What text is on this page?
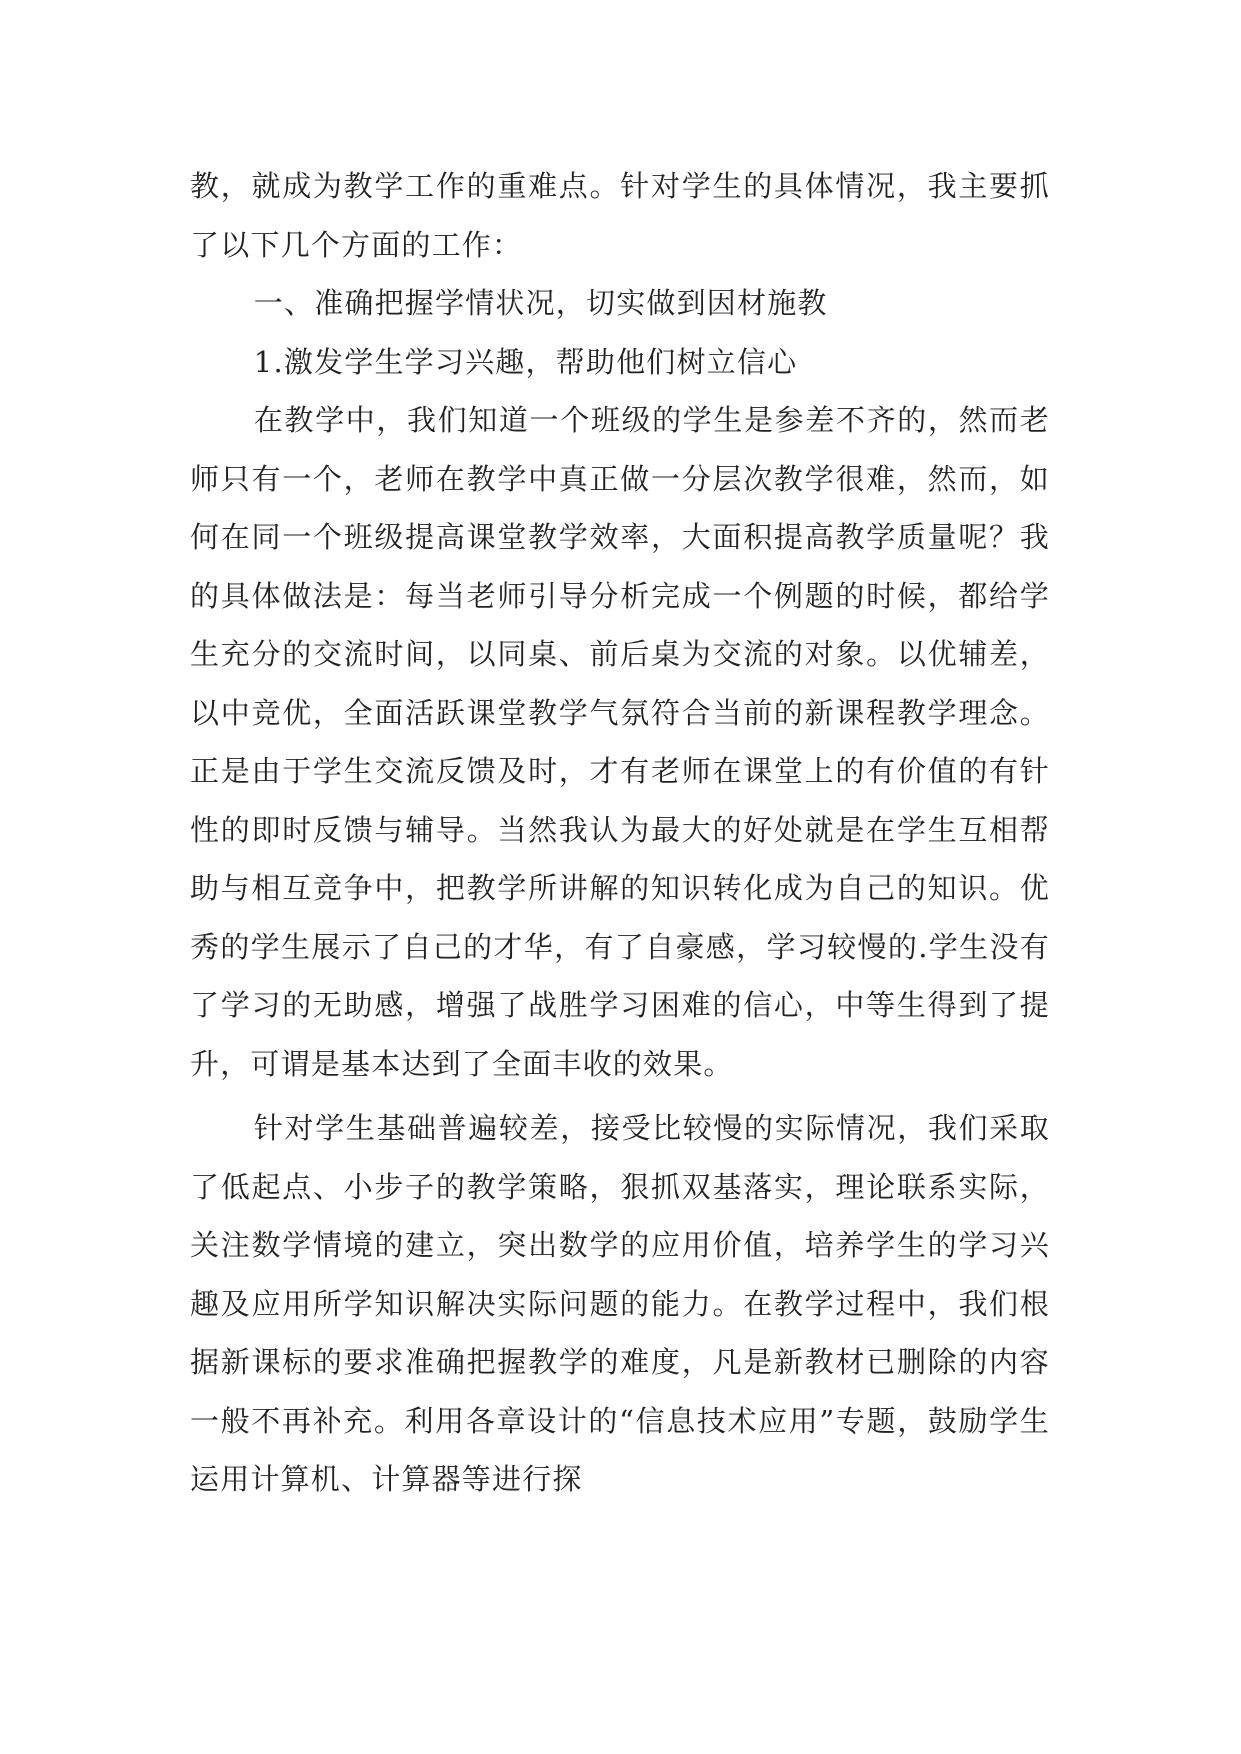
教，就成为教学工作的重难点。针对学生的具体情况，我主要抓了以下几个方面的工作：

一、准确把握学情状况，切实做到因材施教

1.激发学生学习兴趣，帮助他们树立信心

在教学中，我们知道一个班级的学生是参差不齐的，然而老师只有一个，老师在教学中真正做一分层次教学很难，然而，如何在同一个班级提高课堂教学效率，大面积提高教学质量呢？我的具体做法是：每当老师引导分析完成一个例题的时候，都给学生充分的交流时间，以同桌、前后桌为交流的对象。以优辅差，以中竞优，全面活跃课堂教学气氛符合当前的新课程教学理念。正是由于学生交流反馈及时，才有老师在课堂上的有价值的有针性的即时反馈与辅导。当然我认为最大的好处就是在学生互相帮助与相互竞争中，把教学所讲解的知识转化成为自己的知识。优秀的学生展示了自己的才华，有了自豪感，学习较慢的.学生没有了学习的无助感，增强了战胜学习困难的信心，中等生得到了提升，可谓是基本达到了全面丰收的效果。

针对学生基础普遍较差，接受比较慢的实际情况，我们采取了低起点、小步子的教学策略，狠抓双基落实，理论联系实际，关注数学情境的建立，突出数学的应用价值，培养学生的学习兴趣及应用所学知识解决实际问题的能力。在教学过程中，我们根据新课标的要求准确把握教学的难度，凡是新教材已删除的内容一般不再补充。利用各章设计的“信息技术应用”专题，鼓励学生运用计算机、计算器等进行探
